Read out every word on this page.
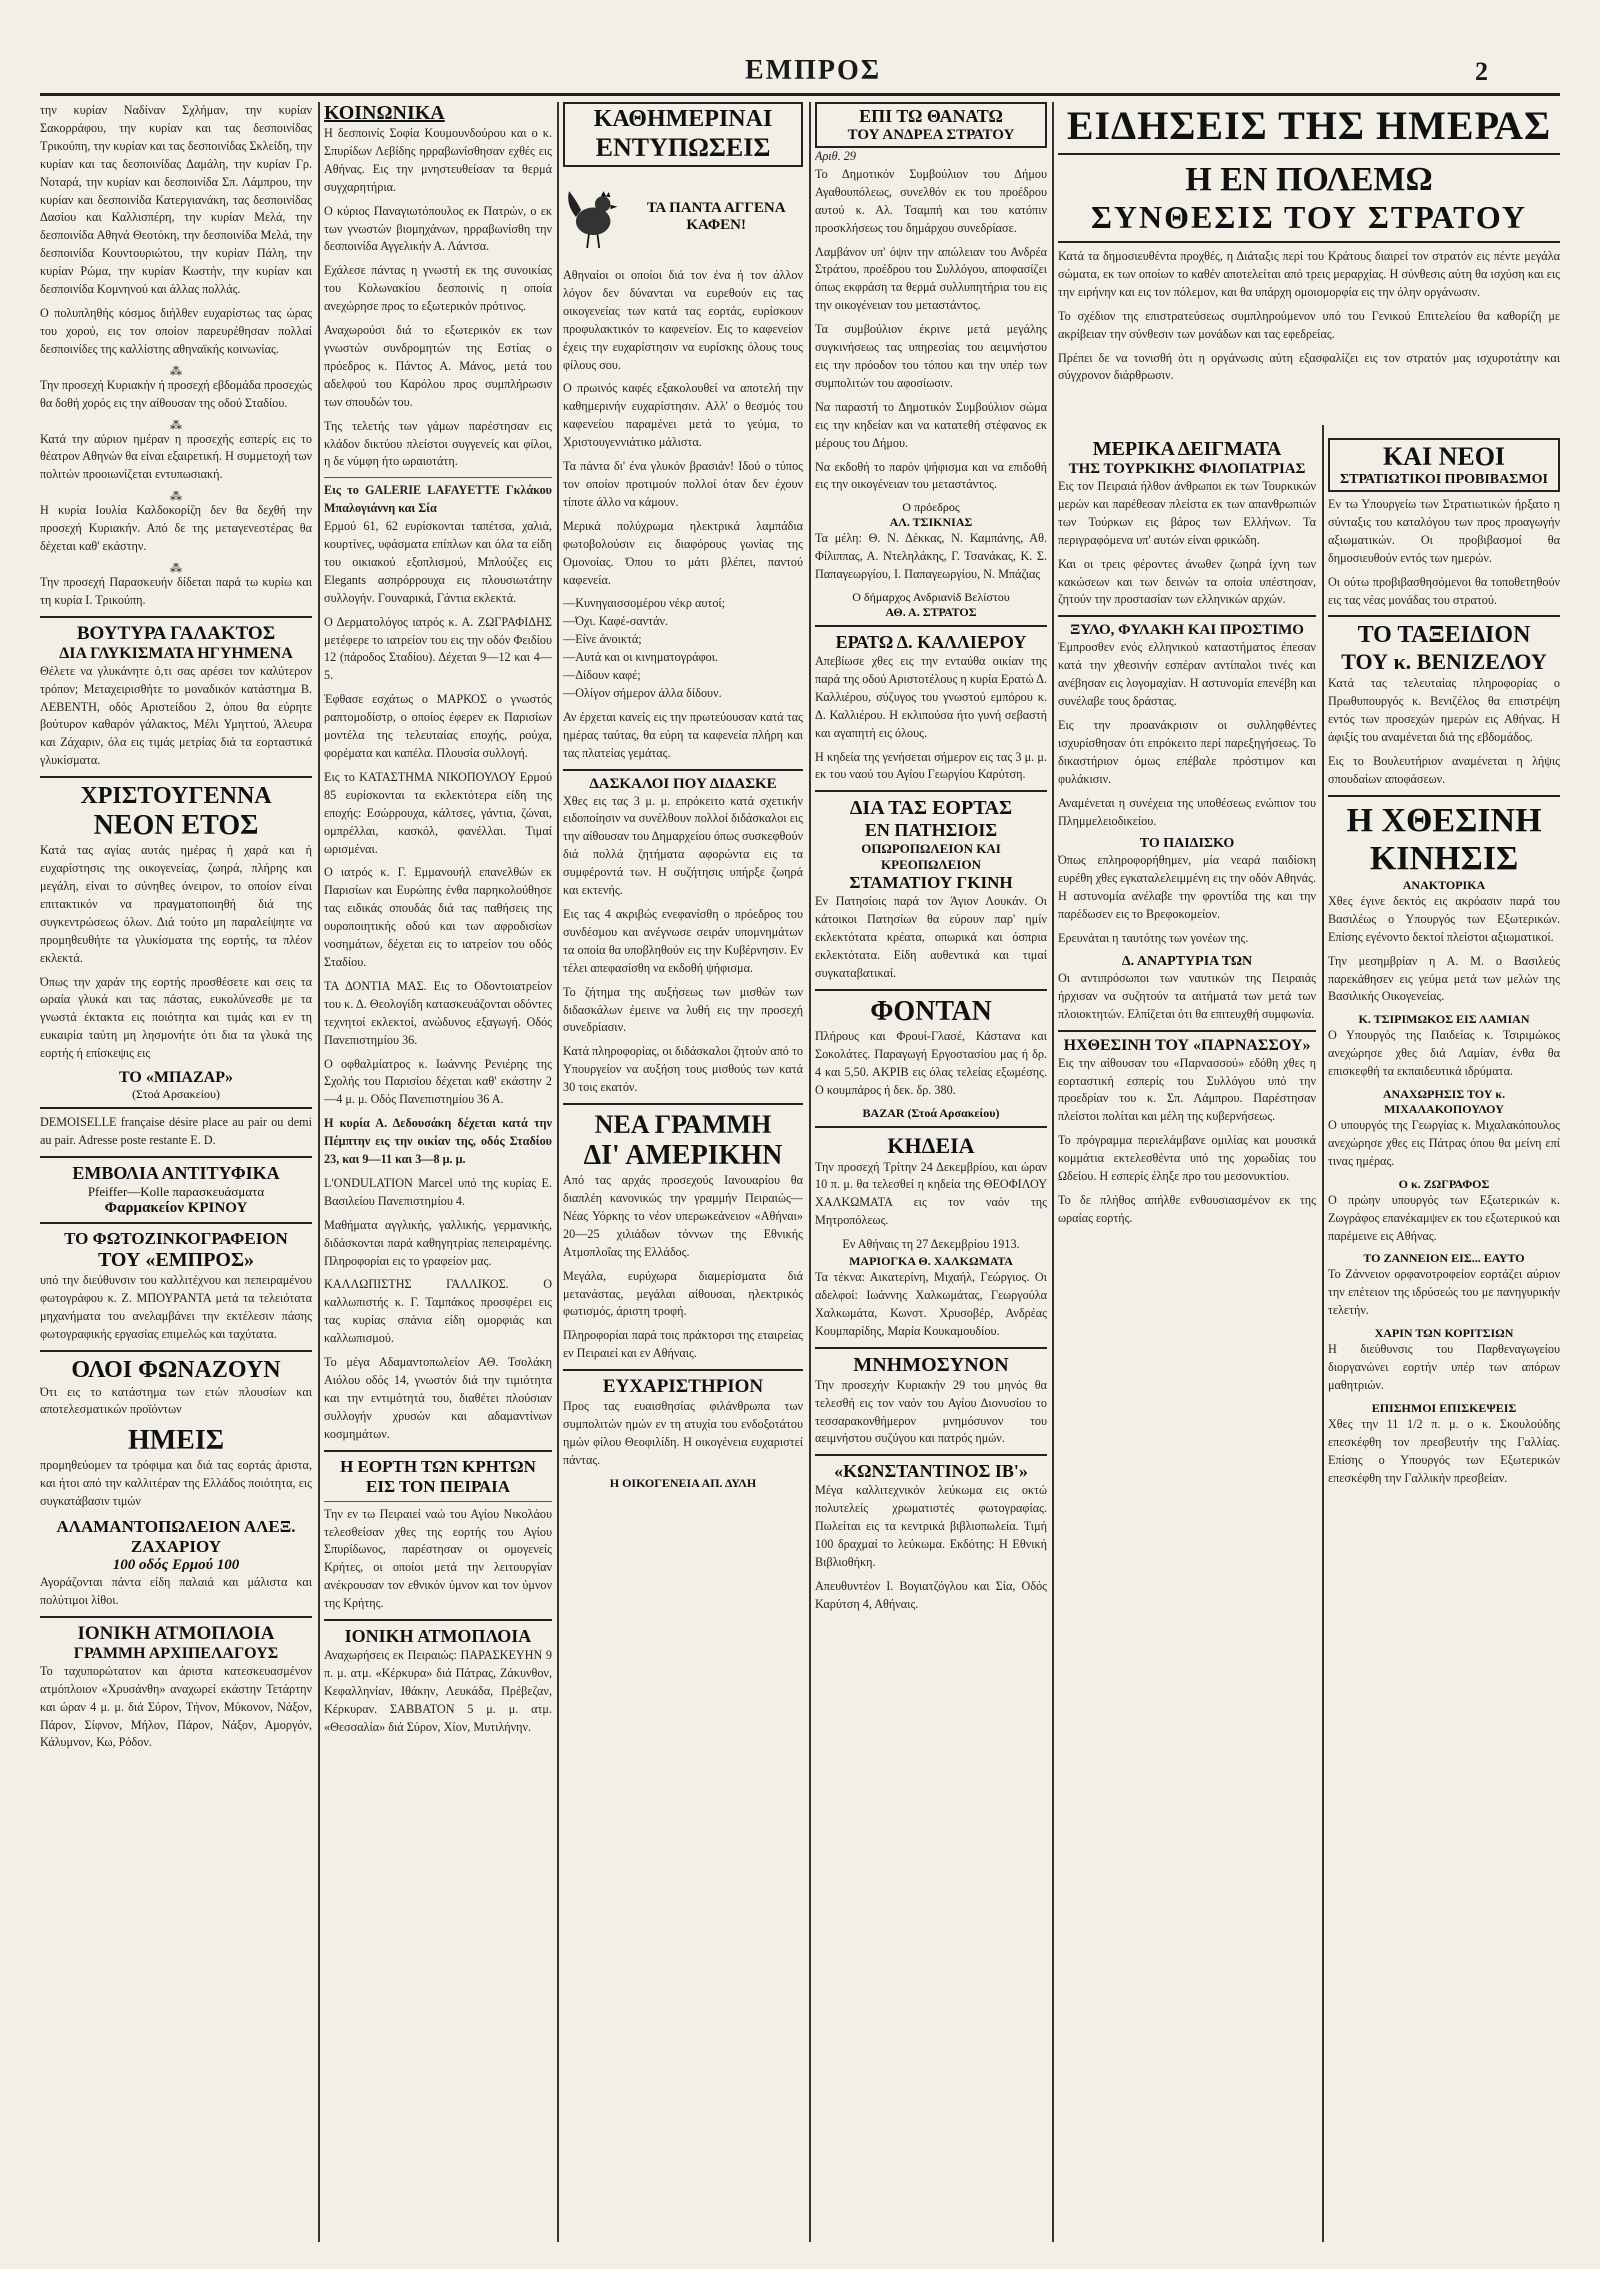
ΕΜΠΡΟΣ	2

την κυρίαν Ναδίναν Σχλήμαν, την κυρίαν Σακορράφου, την κυρίαν και τας δεσποινίδας Τρικούπη, την κυρίαν και τας δεσποινίδας Σκλείδη, την κυρίαν και τας δεσποινίδας Δαμάλη, την κυρίαν Γρ. Νοταρά, την κυρίαν και δεσποινίδα Σπ. Λάμπρου, την κυρίαν και δεσποινίδα Κατεργιανάκη, τας δεσποινίδας Δασίου και Καλλισπέρη, την κυρίαν Μελά, την δεσποινίδα Αθηνά Θεοτόκη, την δεσποινίδα Μελά, την δεσποινίδα Κουντουριώτου, την κυρίαν Πάλη, την κυρίαν Ρώμα, την κυρίαν Κωστήν, την κυρίαν και δεσποινίδα Κομνηνού και άλλας πολλάς.

Ο πολυπληθής κόσμος διήλθεν ευχαρίστως τας ώρας του χορού, εις τον οποίον παρευρέθησαν πολλαί δεσποινίδες της καλλίστης αθηναϊκής κοινωνίας.

⁂

Την προσεχή Κυριακήν ή προσεχή εβδομάδα προσεχώς θα δοθή χορός εις την αίθουσαν της οδού Σταδίου.

⁂

Κατά την αύριον ημέραν η προσεχής εσπερίς εις το θέατρον Αθηνών θα είναι εξαιρετική. Η συμμετοχή των πολιτών προοιωνίζεται εντυπωσιακή.

⁂

Η κυρία Ιουλία Καλδοκορίζη δεν θα δεχθή την προσεχή Κυριακήν. Από δε της μεταγενεστέρας θα δέχεται καθ' εκάστην.

⁂

Την προσεχή Παρασκευήν δίδεται παρά τω κυρίω και τη κυρία Ι. Τρικούπη.

ΒΟΥΤΥΡΑ ΓΑΛΑΚΤΟΣ
ΔΙΑ ΓΛΥΚΙΣΜΑΤΑ ΗΓΥΗΜΕΝΑ

Θέλετε να γλυκάνητε ό,τι σας αρέσει τον καλύτερον τρόπον; Μεταχειρισθήτε το μοναδικόν κατάστημα Β. ΛΕΒΕΝΤΗ, οδός Αριστείδου 2, όπου θα εύρητε βούτυρον καθαρόν γάλακτος, Μέλι Υμηττού, Άλευρα και Ζάχαριν, όλα εις τιμάς μετρίας διά τα εορταστικά γλυκίσματα.

ΧΡΙΣΤΟΥΓΕΝΝΑ
ΝΕΟΝ ΕΤΟΣ

Κατά τας αγίας αυτάς ημέρας ή χαρά και ή ευχαρίστησις της οικογενείας, ζωηρά, πλήρης και μεγάλη, είναι το σύνηθες όνειρον, το οποίον είναι επιτακτικόν να πραγματοποιηθή διά της συγκεντρώσεως όλων. Διά τούτο μη παραλείψητε να προμηθευθήτε τα γλυκίσματα της εορτής, τα πλέον εκλεκτά.

Όπως την χαράν της εορτής προσθέσετε και σεις τα ωραία γλυκά και τας πάστας, ευκολύνεσθε με τα γνωστά έκτακτα εις ποιότητα και τιμάς και εν τη ευκαιρία ταύτη μη λησμονήτε ότι δια τα γλυκά της εορτής ή επίσκεψις εις

ΤΟ «ΜΠΑΖΑΡ»
(Στοά Αρσακείου)

DEMOISELLE française désire place au pair ou demi au pair. Adresse poste restante E. D.

ΕΜΒΟΛΙΑ ΑΝΤΙΤΥΦΙΚΑ
Pfeiffer—Kolle παρασκευάσματα
Φαρμακείον ΚΡΙΝΟΥ
ΤΟ ΦΩΤΟΖΙΝΚΟΓΡΑΦΕΙΟΝ
ΤΟΥ «ΕΜΠΡΟΣ»

υπό την διεύθυνσιν του καλλιτέχνου και πεπειραμένου φωτογράφου κ. Ζ. ΜΠΟΥΡΑΝΤΑ μετά τα τελειότατα μηχανήματα του ανελαμβάνει την εκτέλεσιν πάσης φωτογραφικής εργασίας επιμελώς και ταχύτατα.

ΟΛΟΙ ΦΩΝΑΖΟΥΝ

Ότι εις το κατάστημα των ετών πλουσίων και αποτελεσματικών προϊόντων

ΗΜΕΙΣ

προμηθεύομεν τα τρόφιμα και διά τας εορτάς άριστα, και ήτοι από την καλλιτέραν της Ελλάδος ποιότητα, εις συγκατάβασιν τιμών

ΑΛΑΜΑΝΤΟΠΩΛΕΙΟΝ ΑΛΕΞ. ΖΑΧΑΡΙΟΥ
100 οδός Ερμού 100

Αγοράζονται πάντα είδη παλαιά και μάλιστα και πολύτιμοι λίθοι.

ΙΟΝΙΚΗ ΑΤΜΟΠΛΟΙΑ
ΓΡΑΜΜΗ ΑΡΧΙΠΕΛΑΓΟΥΣ

Το ταχυπορώτατον και άριστα κατεσκευασμένον ατμόπλοιον «Χρυσάνθη» αναχωρεί εκάστην Τετάρτην και ώραν 4 μ. μ. διά Σύρον, Τήνον, Μύκονον, Νάξον, Πάρον, Σίφνον, Μήλον, Πάρον, Νάξον, Αμοργόν, Κάλυμνον, Κω, Ρόδον.

ΚΟΙΝΩΝΙΚΑ

Η δεσποινίς Σοφία Κουμουνδούρου και ο κ. Σπυρίδων Λεβίδης ηρραβωνίσθησαν εχθές εις Αθήνας. Εις την μνηστευθείσαν τα θερμά συγχαρητήρια.

Ο κύριος Παναγιωτόπουλος εκ Πατρών, ο εκ των γνωστών βιομηχάνων, ηρραβωνίσθη την δεσποινίδα Αγγελικήν Α. Λάντσα.

Εχάλεσε πάντας η γνωστή εκ της συνοικίας του Κολωνακίου δεσποινίς η οποία ανεχώρησε προς το εξωτερικόν πρότινος.

Αναχωρούσι διά το εξωτερικόν εκ των γνωστών συνδρομητών της Εστίας ο πρόεδρος κ. Πάντος Α. Μάνος, μετά του αδελφού του Καρόλου προς συμπλήρωσιν των σπουδών του.

Της τελετής των γάμων παρέστησαν εις κλάδον δικτύου πλείστοι συγγενείς και φίλοι, η δε νύμφη ήτο ωραιοτάτη.

Εις το GALERIE LAFAYETTE Γκλάκου Μπαλογιάννη και Σία

Ερμού 61, 62 ευρίσκονται ταπέτσα, χαλιά, κουρτίνες, υφάσματα επίπλων και όλα τα είδη του οικιακού εξοπλισμού, Μπλούζες εις Elegants ασπρόρρουχα εις πλουσιωτάτην συλλογήν. Γουναρικά, Γάντια εκλεκτά.

Ο Δερματολόγος ιατρός κ. Α. ΖΩΓΡΑΦΙΔΗΣ μετέφερε το ιατρείον του εις την οδόν Φειδίου 12 (πάροδος Σταδίου). Δέχεται 9—12 και 4—5.

Έφθασε εσχάτως ο ΜΑΡΚΟΣ ο γνωστός ραπτομοδίστρ, ο οποίος έφερεν εκ Παρισίων μοντέλα της τελευταίας εποχής, ρούχα, φορέματα και καπέλα. Πλουσία συλλογή.

Εις το ΚΑΤΑΣΤΗΜΑ ΝΙΚΟΠΟΥΛΟΥ Ερμού 85 ευρίσκονται τα εκλεκτότερα είδη της εποχής: Εσώρρουχα, κάλτσες, γάντια, ζώναι, ομπρέλλαι, κασκόλ, φανέλλαι. Τιμαί ωρισμέναι.

Ο ιατρός κ. Γ. Εμμανουήλ επανελθών εκ Παρισίων και Ευρώπης ένθα παρηκολούθησε τας ειδικάς σπουδάς διά τας παθήσεις της ουροποιητικής οδού και των αφροδισίων νοσημάτων, δέχεται εις το ιατρείον του οδός Σταδίου.

ΤΑ ΔΟΝΤΙΑ ΜΑΣ. Εις το Οδοντοιατρείον του κ. Δ. Θεολογίδη κατασκευάζονται οδόντες τεχνητοί εκλεκτοί, ανώδυνος εξαγωγή. Οδός Πανεπιστημίου 36.

Ο οφθαλμίατρος κ. Ιωάννης Ρενιέρης της Σχολής του Παρισίου δέχεται καθ' εκάστην 2—4 μ. μ. Οδός Πανεπιστημίου 36 Α.

Η κυρία Α. Δεδουσάκη δέχεται κατά την Πέμπτην εις την οικίαν της, οδός Σταδίου 23, και 9—11 και 3—8 μ. μ.

L'ONDULATION Marcel υπό της κυρίας Ε. Βασιλείου Πανεπιστημίου 4.

Μαθήματα αγγλικής, γαλλικής, γερμανικής, διδάσκονται παρά καθηγητρίας πεπειραμένης. Πληροφορίαι εις το γραφείον μας.

ΚΑΛΛΩΠΙΣΤΗΣ ΓΑΛΛΙΚΟΣ. Ο καλλωπιστής κ. Γ. Ταμπάκος προσφέρει εις τας κυρίας σπάνια είδη ομορφιάς και καλλωπισμού.

Το μέγα Αδαμαντοπωλείον ΑΘ. Τσολάκη Αιόλου οδός 14, γνωστόν διά την τιμιότητα και την εντιμότητά του, διαθέτει πλούσιαν συλλογήν χρυσών και αδαμαντίνων κοσμημάτων.

Η ΕΟΡΤΗ ΤΩΝ ΚΡΗΤΩΝ ΕΙΣ ΤΟΝ ΠΕΙΡΑΙΑ

Την εν τω Πειραιεί ναώ του Αγίου Νικολάου τελεσθείσαν χθες της εορτής του Αγίου Σπυρίδωνος, παρέστησαν οι ομογενείς Κρήτες, οι οποίοι μετά την λειτουργίαν ανέκρουσαν τον εθνικόν ύμνον και τον ύμνον της Κρήτης.

ΙΟΝΙΚΗ ΑΤΜΟΠΛΟΙΑ

Αναχωρήσεις εκ Πειραιώς: ΠΑΡΑΣΚΕΥΗΝ 9 π. μ. ατμ. «Κέρκυρα» διά Πάτρας, Ζάκυνθον, Κεφαλληνίαν, Ιθάκην, Λευκάδα, Πρέβεζαν, Κέρκυραν. ΣΑΒΒΑΤΟΝ 5 μ. μ. ατμ. «Θεσσαλία» διά Σύρον, Χίον, Μυτιλήνην.

ΚΑΘΗΜΕΡΙΝΑΙ
ΕΝΤΥΠΩΣΕΙΣ
ΤΑ ΠΑΝΤΑ ΑΓΓΕΝΑ ΚΑΦΕΝ!

Αθηναίοι οι οποίοι διά τον ένα ή τον άλλον λόγον δεν δύνανται να ευρεθούν εις τας οικογενείας των κατά τας εορτάς, ευρίσκουν προφυλακτικόν το καφενείον. Εις το καφενείον έχεις την ευχαρίστησιν να ευρίσκης όλους τους φίλους σου.

Ο πρωινός καφές εξακολουθεί να αποτελή την καθημερινήν ευχαρίστησιν. Αλλ' ο θεσμός του καφενείου παραμένει μετά το γεύμα, το Χριστουγεννιάτικο μάλιστα.

Τα πάντα δι' ένα γλυκόν βρασιάν! Ιδού ο τύπος τον οποίον προτιμούν πολλοί όταν δεν έχουν τίποτε άλλο να κάμουν.

Μερικά πολύχρωμα ηλεκτρικά λαμπάδια φωτοβολούσιν εις διαφόρους γωνίας της Ομονοίας. Όπου το μάτι βλέπει, παντού καφενεία.

—Κυνηγαισσομέρου νέκρ αυτοί;
—Όχι. Καφέ-σαντάν.
—Είνε άνοικτά;
—Αυτά και οι κινηματογράφοι.
—Δίδουν καφέ;
—Ολίγον σήμερον άλλα δίδουν.

Αν έρχεται κανείς εις την πρωτεύουσαν κατά τας ημέρας ταύτας, θα εύρη τα καφενεία πλήρη και τας πλατείας γεμάτας.

ΔΑΣΚΑΛΟΙ ΠΟΥ ΔΙΔΑΣΚΕ

Χθες εις τας 3 μ. μ. επρόκειτο κατά σχετικήν ειδοποίησιν να συνέλθουν πολλοί διδάσκαλοι εις την αίθουσαν του Δημαρχείου όπως συσκεφθούν διά πολλά ζητήματα αφορώντα εις τα συμφέροντά των. Η συζήτησις υπήρξε ζωηρά και εκτενής.

Εις τας 4 ακριβώς ενεφανίσθη ο πρόεδρος του συνδέσμου και ανέγνωσε σειράν υπομνημάτων τα οποία θα υποβληθούν εις την Κυβέρνησιν. Εν τέλει απεφασίσθη να εκδοθή ψήφισμα.

Το ζήτημα της αυξήσεως των μισθών των διδασκάλων έμεινε να λυθή εις την προσεχή συνεδρίασιν.

Κατά πληροφορίας, οι διδάσκαλοι ζητούν από το Υπουργείον να αυξήση τους μισθούς των κατά 30 τοις εκατόν.

ΝΕΑ ΓΡΑΜΜΗ
ΔΙ' ΑΜΕΡΙΚΗΝ

Από τας αρχάς προσεχούς Ιανουαρίου θα διαπλέη κανονικώς την γραμμήν Πειραιώς—Νέας Υόρκης το νέον υπερωκεάνειον «Αθήναι» 20—25 χιλιάδων τόννων της Εθνικής Ατμοπλοΐας της Ελλάδος.

Μεγάλα, ευρύχωρα διαμερίσματα διά μετανάστας, μεγάλαι αίθουσαι, ηλεκτρικός φωτισμός, άριστη τροφή.

Πληροφορίαι παρά τοις πράκτορσι της εταιρείας εν Πειραιεί και εν Αθήναις.

ΕΥΧΑΡΙΣΤΗΡΙΟΝ

Προς τας ευαισθησίας φιλάνθρωπα των συμπολιτών ημών εν τη ατυχία του ενδοξοτάτου ημών φίλου Θεοφιλίδη. Η οικογένεια ευχαριστεί πάντας.

Η ΟΙΚΟΓΕΝΕΙΑ ΑΠ. ΔΥΛΗ
ΕΠΙ ΤΩ ΘΑΝΑΤΩ
ΤΟΥ ΑΝΔΡΕΑ ΣΤΡΑΤΟΥ

Αριθ. 29

Το Δημοτικόν Συμβούλιον του Δήμου Αγαθουπόλεως, συνελθόν εκ του προέδρου αυτού κ. Αλ. Τσαμπή και του κατόπιν προσκλήσεως του δημάρχου συνεδρίασε.

Λαμβάνον υπ' όψιν την απώλειαν του Ανδρέα Στράτου, προέδρου του Συλλόγου, αποφασίζει όπως εκφράση τα θερμά συλλυπητήρια του εις την οικογένειαν του μεταστάντος.

Τα συμβούλιον έκρινε μετά μεγάλης συγκινήσεως τας υπηρεσίας του αειμνήστου εις την πρόοδον του τόπου και την υπέρ των συμπολιτών του αφοσίωσιν.

Να παραστή το Δημοτικόν Συμβούλιον σώμα εις την κηδείαν και να κατατεθή στέφανος εκ μέρους του Δήμου.

Να εκδοθή το παρόν ψήφισμα και να επιδοθή εις την οικογένειαν του μεταστάντος.

Ο πρόεδρος
ΑΛ. ΤΣΙΚΝΙΑΣ

Τα μέλη: Θ. Ν. Δέκκας, Ν. Καμπάνης, Αθ. Φίλιππας, Α. Ντεληλάκης, Γ. Τσανάκας, Κ. Σ. Παπαγεωργίου, Ι. Παπαγεωργίου, Ν. Μπάζιας

Ο δήμαρχος Ανδριανίδ Βελίστου
ΑΘ. Α. ΣΤΡΑΤΟΣ
ΕΡΑΤΩ Δ. ΚΑΛΛΙΕΡΟΥ

Απεβίωσε χθες εις την ενταύθα οικίαν της παρά της οδού Αριστοτέλους η κυρία Ερατώ Δ. Καλλιέρου, σύζυγος του γνωστού εμπόρου κ. Δ. Καλλιέρου. Η εκλιπούσα ήτο γυνή σεβαστή και αγαπητή εις όλους.

Η κηδεία της γενήσεται σήμερον εις τας 3 μ. μ. εκ του ναού του Αγίου Γεωργίου Καρύτση.

ΔΙΑ ΤΑΣ ΕΟΡΤΑΣ
ΕΝ ΠΑΤΗΣΙΟΙΣ
ΟΠΩΡΟΠΩΛΕΙΟΝ ΚΑΙ ΚΡΕΟΠΩΛΕΙΟΝ
ΣΤΑΜΑΤΙΟΥ ΓΚΙΝΗ

Εν Πατησίοις παρά τον Άγιον Λουκάν. Οι κάτοικοι Πατησίων θα εύρουν παρ' ημίν εκλεκτότατα κρέατα, οπωρικά και όσπρια εκλεκτότατα. Είδη αυθεντικά και τιμαί συγκαταβατικαί.

ΦΟΝΤΑΝ

Πλήρους και Φρουί-Γλασέ, Κάστανα και Σοκολάτες. Παραγωγή Εργοστασίου μας ή δρ. 4 και 5,50. ΑΚΡΙΒ εις όλας τελείας εξωμέσης. Ο κουμπάρος ή δεκ. δρ. 380.

BAZAR (Στοά Αρσακείου)
ΚΗΔΕΙΑ

Την προσεχή Τρίτην 24 Δεκεμβρίου, και ώραν 10 π. μ. θα τελεσθεί η κηδεία της ΘΕΟΦΙΛΟΥ ΧΑΛΚΩΜΑΤΑ εις τον ναόν της Μητροπόλεως.

Εν Αθήναις τη 27 Δεκεμβρίου 1913.

ΜΑΡΙΟΓΚΑ Θ. ΧΑΛΚΩΜΑΤΑ

Τα τέκνα: Αικατερίνη, Μιχαήλ, Γεώργιος. Οι αδελφοί: Ιωάννης Χαλκωμάτας, Γεωργούλα Χαλκωμάτα, Κωνστ. Χρυσοβέρ, Ανδρέας Κουμπαρίδης, Μαρία Κουκαμουδίου.

ΜΝΗΜΟΣΥΝΟΝ

Την προσεχήν Κυριακήν 29 του μηνός θα τελεσθή εις τον ναόν του Αγίου Διονυσίου το τεσσαρακονθήμερον μνημόσυνον του αειμνήστου συζύγου και πατρός ημών.

«ΚΩΝΣΤΑΝΤΙΝΟΣ ΙΒ'»

Μέγα καλλιτεχνικόν λεύκωμα εις οκτώ πολυτελείς χρωματιστές φωτογραφίας. Πωλείται εις τα κεντρικά βιβλιοπωλεία. Τιμή 100 δραχμαί το λεύκωμα. Εκδότης: Η Εθνική Βιβλιοθήκη.

Απευθυντέον Ι. Βογιατζόγλου και Σία, Οδός Καρύτση 4, Αθήναις.

ΕΙΔΗΣΕΙΣ ΤΗΣ ΗΜΕΡΑΣ
Η ΕΝ ΠΟΛΕΜΩ
ΣΥΝΘΕΣΙΣ ΤΟΥ ΣΤΡΑΤΟΥ

Κατά τα δημοσιευθέντα προχθές, η Διάταξις περί του Κράτους διαιρεί τον στρατόν εις πέντε μεγάλα σώματα, εκ των οποίων το καθέν αποτελείται από τρεις μεραρχίας. Η σύνθεσις αύτη θα ισχύση και εις την ειρήνην και εις τον πόλεμον, και θα υπάρχη ομοιομορφία εις την όλην οργάνωσιν.

Το σχέδιον της επιστρατεύσεως συμπληρούμενον υπό του Γενικού Επιτελείου θα καθορίζη με ακρίβειαν την σύνθεσιν των μονάδων και τας εφεδρείας.

Πρέπει δε να τονισθή ότι η οργάνωσις αύτη εξασφαλίζει εις τον στρατόν μας ισχυροτάτην και σύγχρονον διάρθρωσιν.

ΜΕΡΙΚΑ ΔΕΙΓΜΑΤΑ
ΤΗΣ ΤΟΥΡΚΙΚΗΣ ΦΙΛΟΠΑΤΡΙΑΣ

Εις τον Πειραιά ήλθον άνθρωποι εκ των Τουρκικών μερών και παρέθεσαν πλείστα εκ των απανθρωπιών των Τούρκων εις βάρος των Ελλήνων. Τα περιγραφόμενα υπ' αυτών είναι φρικώδη.

Και οι τρεις φέροντες άνωθεν ζωηρά ίχνη των κακώσεων και των δεινών τα οποία υπέστησαν, ζητούν την προστασίαν των ελληνικών αρχών.

ΞΥΛΟ, ΦΥΛΑΚΗ ΚΑΙ ΠΡΟΣΤΙΜΟ

Έμπροσθεν ενός ελληνικού καταστήματος έπεσαν κατά την χθεσινήν εσπέραν αντίπαλοι τινές και ανέβησαν εις λογομαχίαν. Η αστυνομία επενέβη και συνέλαβε τους δράστας.

Εις την προανάκρισιν οι συλληφθέντες ισχυρίσθησαν ότι επρόκειτο περί παρεξηγήσεως. Το δικαστήριον όμως επέβαλε πρόστιμον και φυλάκισιν.

Αναμένεται η συνέχεια της υποθέσεως ενώπιον του Πλημμελειοδικείου.

ΤΟ ΠΑΙΔΙΣΚΟ

Όπως επληροφορήθημεν, μία νεαρά παιδίσκη ευρέθη χθες εγκαταλελειμμένη εις την οδόν Αθηνάς. Η αστυνομία ανέλαβε την φροντίδα της και την παρέδωσεν εις το Βρεφοκομείον.

Ερευνάται η ταυτότης των γονέων της.

Δ. ΑΝΑΡΤΥΡΙΑ ΤΩΝ

Οι αντιπρόσωποι των ναυτικών της Πειραιάς ήρχισαν να συζητούν τα αιτήματά των μετά των πλοιοκτητών. Ελπίζεται ότι θα επιτευχθή συμφωνία.

ΗΧΘΕΣΙΝΗ ΤΟΥ «ΠΑΡΝΑΣΣΟΥ»

Εις την αίθουσαν του «Παρνασσού» εδόθη χθες η εορταστική εσπερίς του Συλλόγου υπό την προεδρίαν του κ. Σπ. Λάμπρου. Παρέστησαν πλείστοι πολίται και μέλη της κυβερνήσεως.

Το πρόγραμμα περιελάμβανε ομιλίας και μουσικά κομμάτια εκτελεσθέντα υπό της χορωδίας του Ωδείου. Η εσπερίς έληξε προ του μεσονυκτίου.

Το δε πλήθος απήλθε ενθουσιασμένον εκ της ωραίας εορτής.

ΚΑΙ ΝΕΟΙ
ΣΤΡΑΤΙΩΤΙΚΟΙ ΠΡΟΒΙΒΑΣΜΟΙ

Εν τω Υπουργείω των Στρατιωτικών ήρξατο η σύνταξις του καταλόγου των προς προαγωγήν αξιωματικών. Οι προβιβασμοί θα δημοσιευθούν εντός των ημερών.

Οι ούτω προβιβασθησόμενοι θα τοποθετηθούν εις τας νέας μονάδας του στρατού.

ΤΟ ΤΑΞΕΙΔΙΟΝ
ΤΟΥ κ. ΒΕΝΙΖΕΛΟΥ

Κατά τας τελευταίας πληροφορίας ο Πρωθυπουργός κ. Βενιζέλος θα επιστρέψη εντός των προσεχών ημερών εις Αθήνας. Η άφιξίς του αναμένεται διά της εβδομάδος.

Εις το Βουλευτήριον αναμένεται η λήψις σπουδαίων αποφάσεων.

Η ΧΘΕΣΙΝΗ
ΚΙΝΗΣΙΣ
ΑΝΑΚΤΟΡΙΚΑ

Χθες έγινε δεκτός εις ακρόασιν παρά του Βασιλέως ο Υπουργός των Εξωτερικών. Επίσης εγένοντο δεκτοί πλείστοι αξιωματικοί.

Την μεσημβρίαν η Α. Μ. ο Βασιλεύς παρεκάθησεν εις γεύμα μετά των μελών της Βασιλικής Οικογενείας.

Κ. ΤΣΙΡΙΜΩΚΟΣ ΕΙΣ ΛΑΜΙΑΝ

Ο Υπουργός της Παιδείας κ. Τσιριμώκος ανεχώρησε χθες διά Λαμίαν, ένθα θα επισκεφθή τα εκπαιδευτικά ιδρύματα.

ΑΝΑΧΩΡΗΣΙΣ ΤΟΥ κ. ΜΙΧΑΛΑΚΟΠΟΥΛΟΥ

Ο υπουργός της Γεωργίας κ. Μιχαλακόπουλος ανεχώρησε χθες εις Πάτρας όπου θα μείνη επί τινας ημέρας.

Ο κ. ΖΩΓΡΑΦΟΣ

Ο πρώην υπουργός των Εξωτερικών κ. Ζωγράφος επανέκαμψεν εκ του εξωτερικού και παρέμεινε εις Αθήνας.

ΤΟ ΖΑΝΝΕΙΟΝ ΕΙΣ... ΕΑΥΤΟ

Το Ζάννειον ορφανοτροφείον εορτάζει αύριον την επέτειον της ιδρύσεώς του με πανηγυρικήν τελετήν.

ΧΑΡΙΝ ΤΩΝ ΚΟΡΙΤΣΙΩΝ

Η διεύθυνσις του Παρθεναγωγείου διοργανώνει εορτήν υπέρ των απόρων μαθητριών.

ΕΠΙΣΗΜΟΙ ΕΠΙΣΚΕΨΕΙΣ

Χθες την 11 1/2 π. μ. ο κ. Σκουλούδης επεσκέφθη τον πρεσβευτήν της Γαλλίας. Επίσης ο Υπουργός των Εξωτερικών επεσκέφθη την Γαλλικήν πρεσβείαν.
